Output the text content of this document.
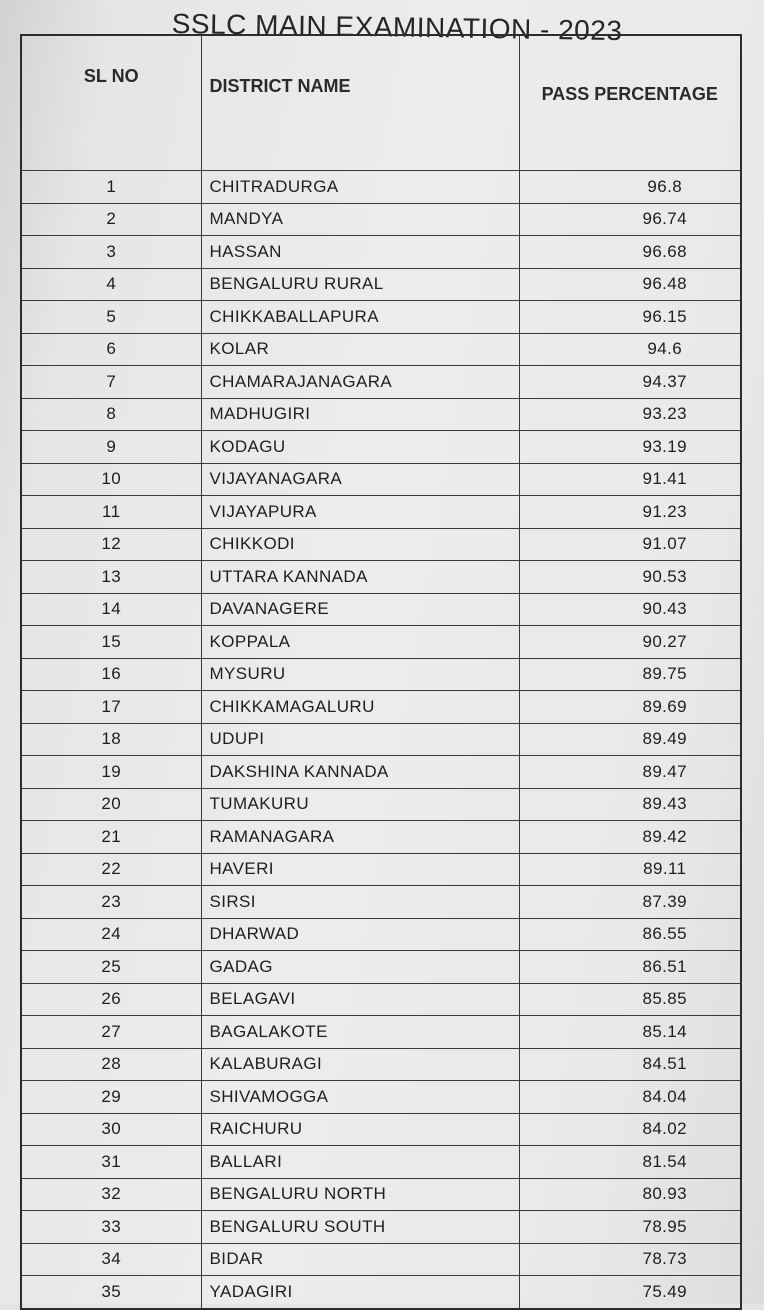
SSLC MAIN EXAMINATION - 2023
SL NO	DISTRICT NAME	PASS PERCENTAGE
1	CHITRADURGA	96.8
2	MANDYA	96.74
3	HASSAN	96.68
4	BENGALURU RURAL	96.48
5	CHIKKABALLAPURA	96.15
6	KOLAR	94.6
7	CHAMARAJANAGARA	94.37
8	MADHUGIRI	93.23
9	KODAGU	93.19
10	VIJAYANAGARA	91.41
11	VIJAYAPURA	91.23
12	CHIKKODI	91.07
13	UTTARA KANNADA	90.53
14	DAVANAGERE	90.43
15	KOPPALA	90.27
16	MYSURU	89.75
17	CHIKKAMAGALURU	89.69
18	UDUPI	89.49
19	DAKSHINA KANNADA	89.47
20	TUMAKURU	89.43
21	RAMANAGARA	89.42
22	HAVERI	89.11
23	SIRSI	87.39
24	DHARWAD	86.55
25	GADAG	86.51
26	BELAGAVI	85.85
27	BAGALAKOTE	85.14
28	KALABURAGI	84.51
29	SHIVAMOGGA	84.04
30	RAICHURU	84.02
31	BALLARI	81.54
32	BENGALURU NORTH	80.93
33	BENGALURU SOUTH	78.95
34	BIDAR	78.73
35	YADAGIRI	75.49
